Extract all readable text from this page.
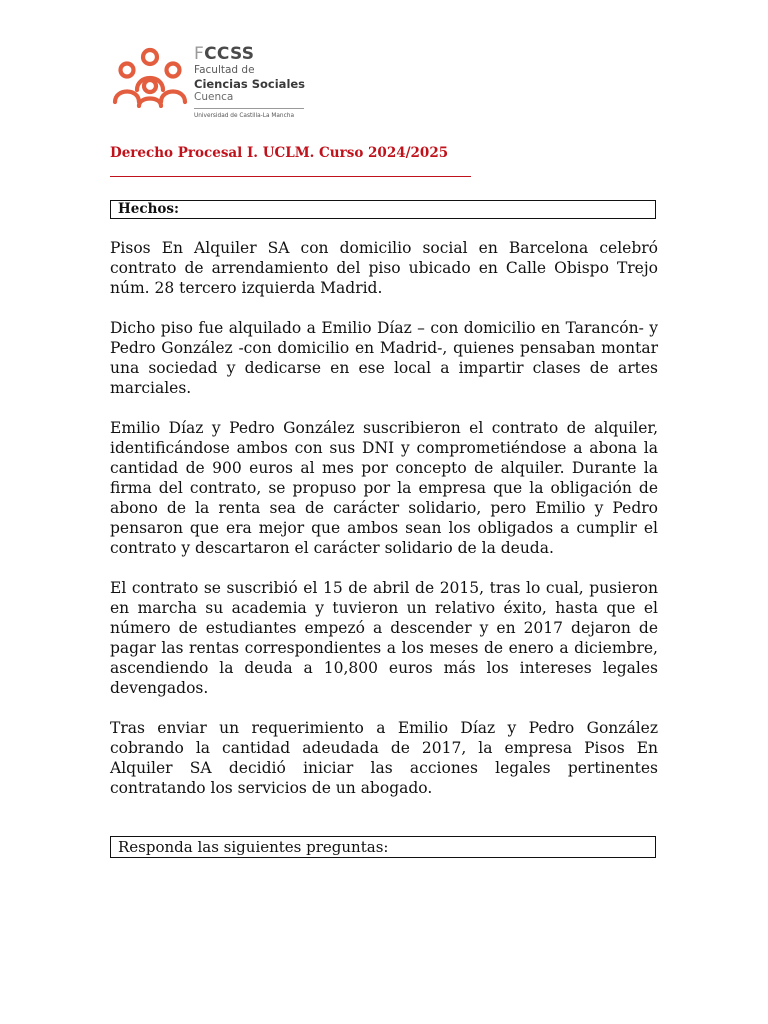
FCCSS
Facultad de
Ciencias Sociales
Cuenca
Universidad de Castilla-La Mancha
Derecho Procesal I. UCLM. Curso 2024/2025
Hechos:

Pisos En Alquiler SA con domicilio social en Barcelona celebró contrato de arrendamiento del piso ubicado en Calle Obispo Trejo núm. 28 tercero izquierda Madrid.

Dicho piso fue alquilado a Emilio Díaz – con domicilio en Tarancón- y Pedro González -con domicilio en Madrid-, quienes pensaban montar una sociedad y dedicarse en ese local a impartir clases de artes marciales.

Emilio Díaz y Pedro González suscribieron el contrato de alquiler, identificándose ambos con sus DNI y comprometiéndose a abona la cantidad de 900 euros al mes por concepto de alquiler. Durante la firma del contrato, se propuso por la empresa que la obligación de abono de la renta sea de carácter solidario, pero Emilio y Pedro pensaron que era mejor que ambos sean los obligados a cumplir el contrato y descartaron el carácter solidario de la deuda.

El contrato se suscribió el 15 de abril de 2015, tras lo cual, pusieron en marcha su academia y tuvieron un relativo éxito, hasta que el número de estudiantes empezó a descender y en 2017 dejaron de pagar las rentas correspondientes a los meses de enero a diciembre, ascendiendo la deuda a 10,800 euros más los intereses legales devengados.

Tras enviar un requerimiento a Emilio Díaz y Pedro González cobrando la cantidad adeudada de 2017, la empresa Pisos En Alquiler SA decidió iniciar las acciones legales pertinentes contratando los servicios de un abogado.

Responda las siguientes preguntas:
